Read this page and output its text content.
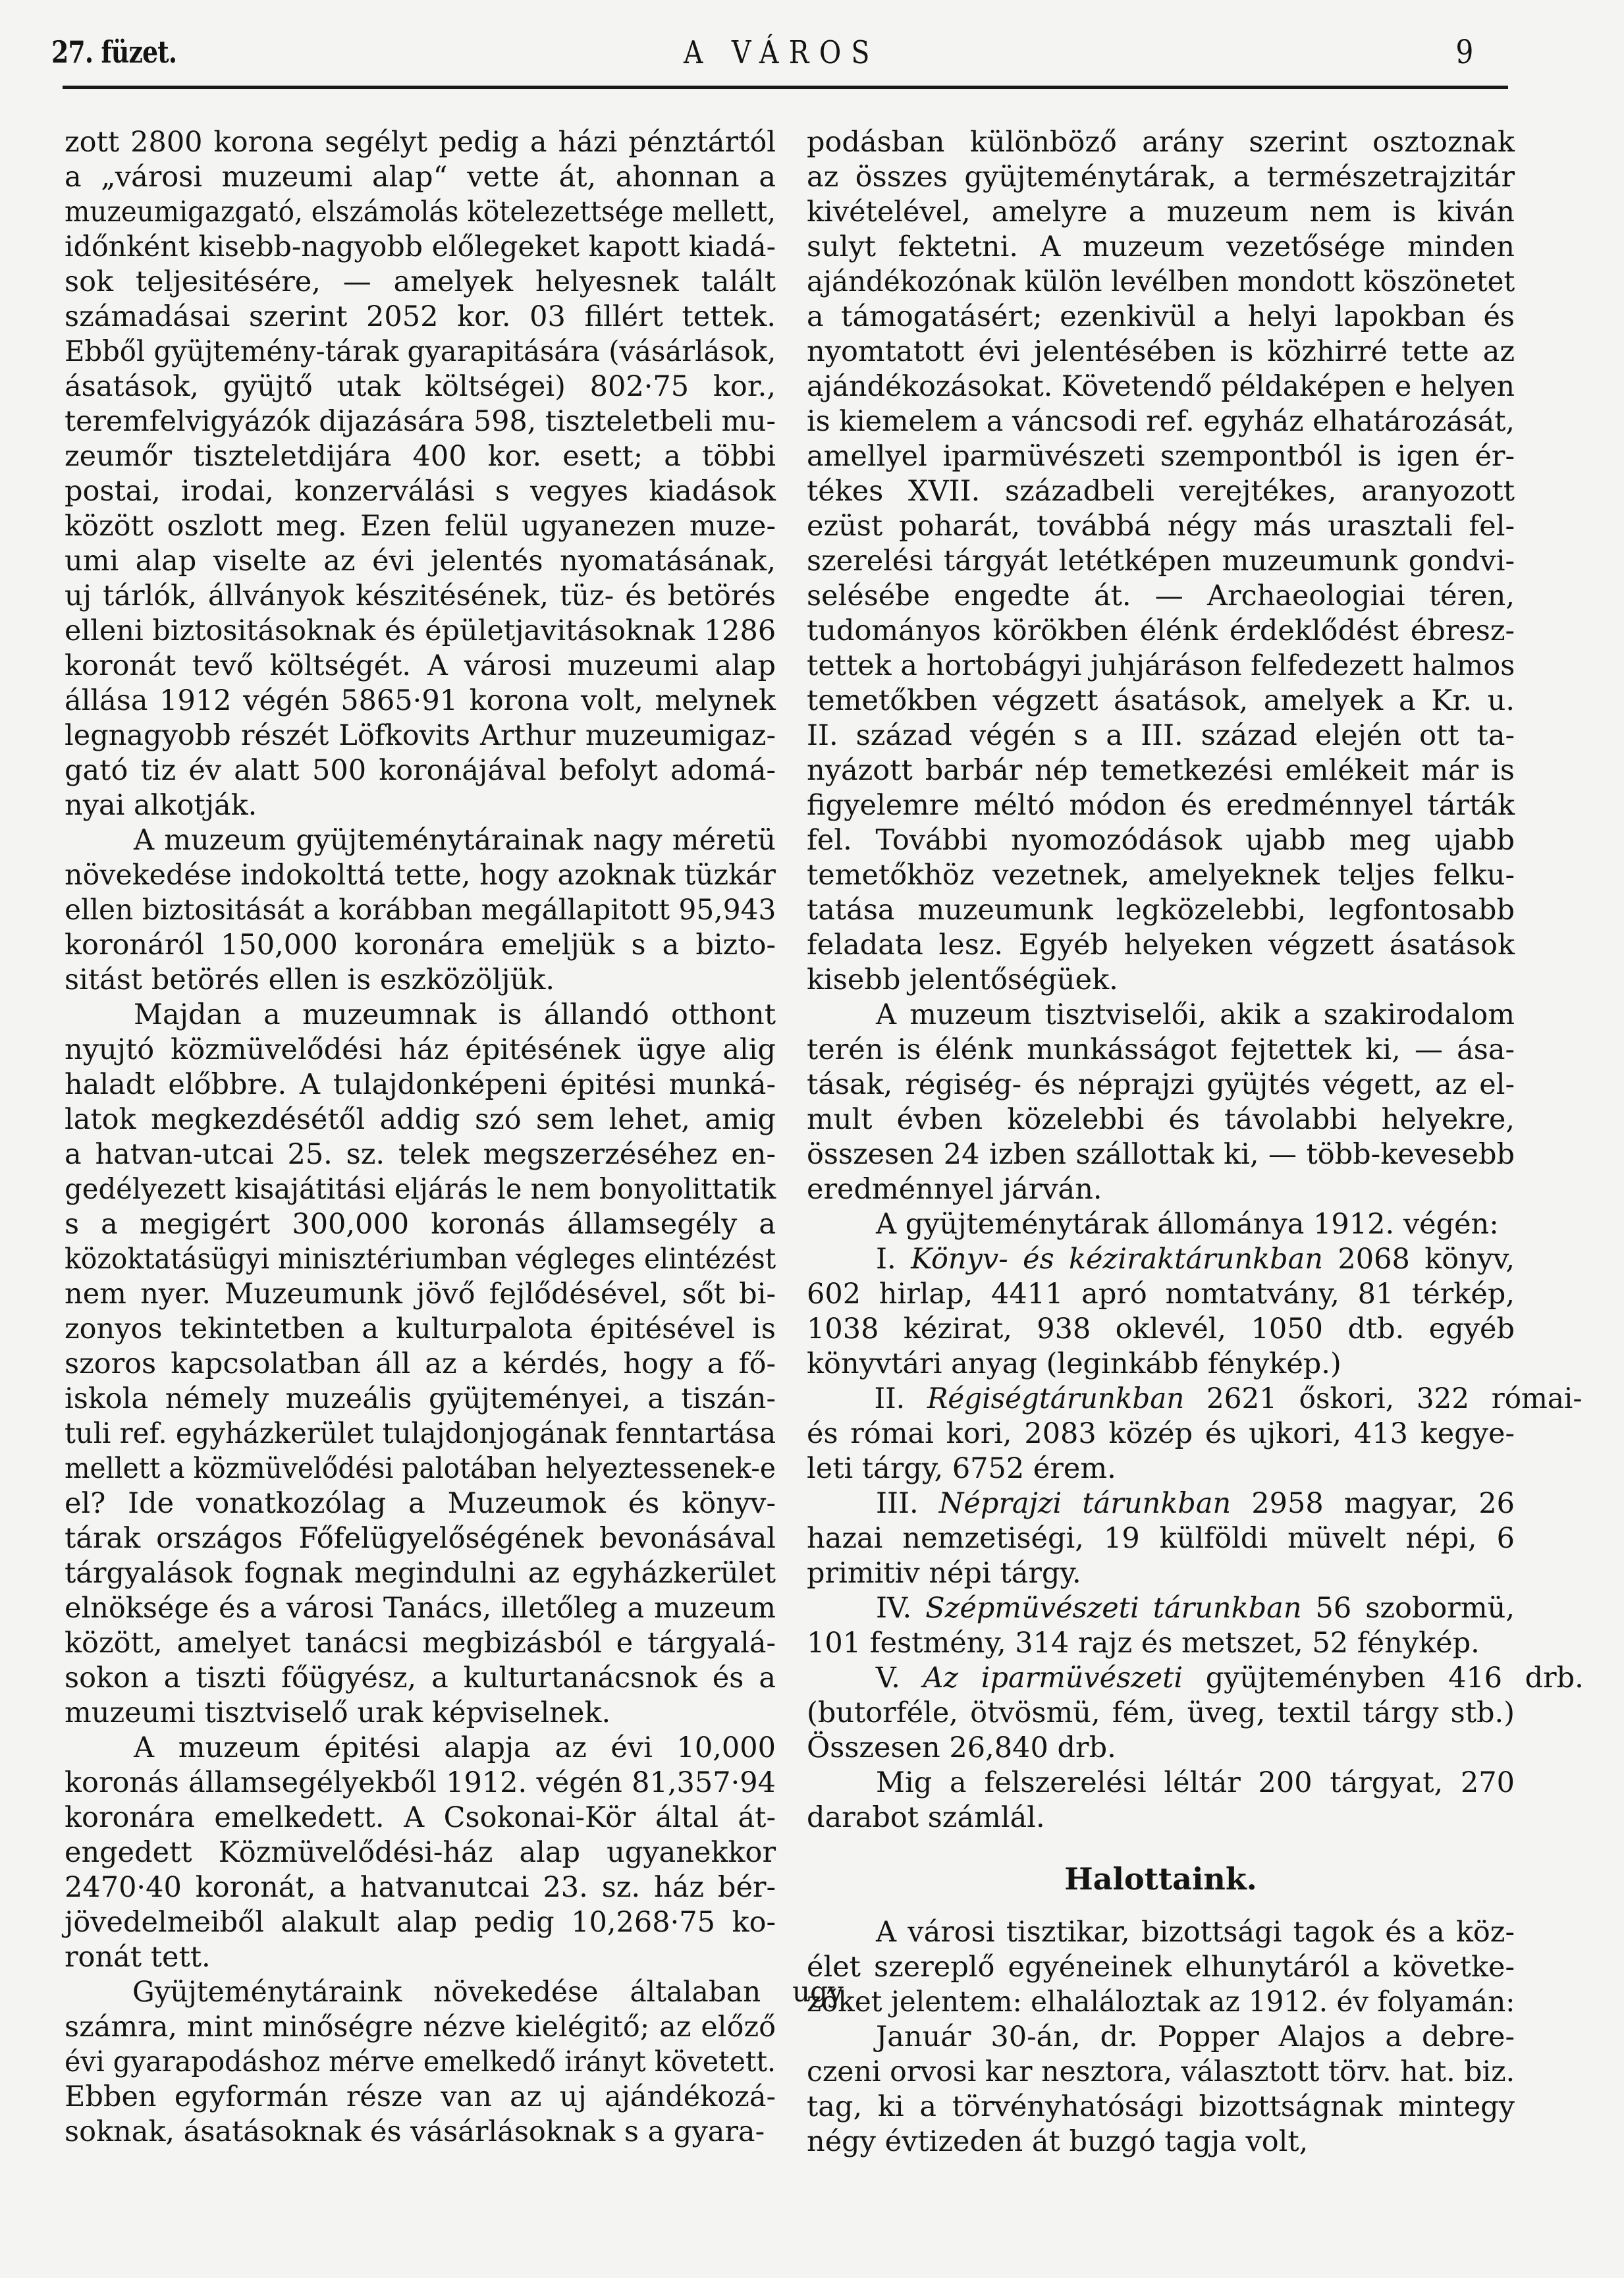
27. füzet.	A VÁROS	9

zott 2800 korona segélyt pedig a házi pénztártól
a „városi muzeumi alap“ vette át, ahonnan a
muzeumigazgató, elszámolás kötelezettsége mellett,
időnként kisebb-nagyobb előlegeket kapott kiadá-
sok teljesitésére, — amelyek helyesnek talált
számadásai szerint 2052 kor. 03 fillért tettek.
Ebből gyüjtemény-tárak gyarapitására (vásárlások,
ásatások, gyüjtő utak költségei) 802·75 kor.,
teremfelvigyázók dijazására 598, tiszteletbeli mu-
zeumőr tiszteletdijára 400 kor. esett; a többi
postai, irodai, konzerválási s vegyes kiadások
között oszlott meg. Ezen felül ugyanezen muze-
umi alap viselte az évi jelentés nyomatásának,
uj tárlók, állványok készitésének, tüz- és betörés
elleni biztositásoknak és épületjavitásoknak 1286
koronát tevő költségét. A városi muzeumi alap
állása 1912 végén 5865·91 korona volt, melynek
legnagyobb részét Löfkovits Arthur muzeumigaz-
gató tiz év alatt 500 koronájával befolyt adomá-
nyai alkotják.

A muzeum gyüjteménytárainak nagy méretü
növekedése indokolttá tette, hogy azoknak tüzkár
ellen biztositását a korábban megállapitott 95,943
koronáról 150,000 koronára emeljük s a bizto-
sitást betörés ellen is eszközöljük.

Majdan a muzeumnak is állandó otthont
nyujtó közmüvelődési ház épitésének ügye alig
haladt előbbre. A tulajdonképeni épitési munká-
latok megkezdésétől addig szó sem lehet, amig
a hatvan-utcai 25. sz. telek megszerzéséhez en-
gedélyezett kisajátitási eljárás le nem bonyolittatik
s a megigért 300,000 koronás államsegély a
közoktatásügyi minisztériumban végleges elintézést
nem nyer. Muzeumunk jövő fejlődésével, sőt bi-
zonyos tekintetben a kulturpalota épitésével is
szoros kapcsolatban áll az a kérdés, hogy a fő-
iskola némely muzeális gyüjteményei, a tiszán-
tuli ref. egyházkerület tulajdonjogának fenntartása
mellett a közmüvelődési palotában helyeztessenek-e
el? Ide vonatkozólag a Muzeumok és könyv-
tárak országos Főfelügyelőségének bevonásával
tárgyalások fognak megindulni az egyházkerület
elnöksége és a városi Tanács, illetőleg a muzeum
között, amelyet tanácsi megbizásból e tárgyalá-
sokon a tiszti főügyész, a kulturtanácsnok és a
muzeumi tisztviselő urak képviselnek.

A muzeum épitési alapja az évi 10,000
koronás államsegélyekből 1912. végén 81,357·94
koronára emelkedett. A Csokonai-Kör által át-
engedett Közmüvelődési-ház alap ugyanekkor
2470·40 koronát, a hatvanutcai 23. sz. ház bér-
jövedelmeiből alakult alap pedig 10,268·75 ko-
ronát tett.

Gyüjteménytáraink növekedése általaban ugy
számra, mint minőségre nézve kielégitő; az előző
évi gyarapodáshoz mérve emelkedő irányt követett.
Ebben egyformán része van az uj ajándékozá-
soknak, ásatásoknak és vásárlásoknak s a gyara-

podásban különböző arány szerint osztoznak
az összes gyüjteménytárak, a természetrajzitár
kivételével, amelyre a muzeum nem is kiván
sulyt fektetni. A muzeum vezetősége minden
ajándékozónak külön levélben mondott köszönetet
a támogatásért; ezenkivül a helyi lapokban és
nyomtatott évi jelentésében is közhirré tette az
ajándékozásokat. Követendő példaképen e helyen
is kiemelem a váncsodi ref. egyház elhatározását,
amellyel iparmüvészeti szempontból is igen ér-
tékes XVII. századbeli verejtékes, aranyozott
ezüst poharát, továbbá négy más urasztali fel-
szerelési tárgyát letétképen muzeumunk gondvi-
selésébe engedte át. — Archaeologiai téren,
tudományos körökben élénk érdeklődést ébresz-
tettek a hortobágyi juhjáráson felfedezett halmos
temetőkben végzett ásatások, amelyek a Kr. u.
II. század végén s a III. század elején ott ta-
nyázott barbár nép temetkezési emlékeit már is
figyelemre méltó módon és eredménnyel tárták
fel. További nyomozódások ujabb meg ujabb
temetőkhöz vezetnek, amelyeknek teljes felku-
tatása muzeumunk legközelebbi, legfontosabb
feladata lesz. Egyéb helyeken végzett ásatások
kisebb jelentőségüek.

A muzeum tisztviselői, akik a szakirodalom
terén is élénk munkásságot fejtettek ki, — ása-
tásak, régiség- és néprajzi gyüjtés végett, az el-
mult évben közelebbi és távolabbi helyekre,
összesen 24 izben szállottak ki, — több-kevesebb
eredménnyel járván.

A gyüjteménytárak állománya 1912. végén:

I. Könyv- és kéziraktárunkban 2068 könyv,
602 hirlap, 4411 apró nomtatvány, 81 térkép,
1038 kézirat, 938 oklevél, 1050 dtb. egyéb
könyvtári anyag (leginkább fénykép.)

II. Régiségtárunkban 2621 őskori, 322 római-
és római kori, 2083 közép és ujkori, 413 kegye-
leti tárgy, 6752 érem.

III. Néprajzi tárunkban 2958 magyar, 26
hazai nemzetiségi, 19 külföldi müvelt népi, 6
primitiv népi tárgy.

IV. Szépmüvészeti tárunkban 56 szobormü,
101 festmény, 314 rajz és metszet, 52 fénykép.

V. Az iparmüvészeti gyüjteményben 416 drb.
(butorféle, ötvösmü, fém, üveg, textil tárgy stb.)
Összesen 26,840 drb.

Mig a felszerelési léltár 200 tárgyat, 270
darabot számlál.

Halottaink.

A városi tisztikar, bizottsági tagok és a köz-
élet szereplő egyéneinek elhunytáról a követke-
zőket jelentem: elhaláloztak az 1912. év folyamán:

Január 30-án, dr. Popper Alajos a debre-
czeni orvosi kar nesztora, választott törv. hat. biz.
tag, ki a törvényhatósági bizottságnak mintegy
négy évtizeden át buzgó tagja volt,
